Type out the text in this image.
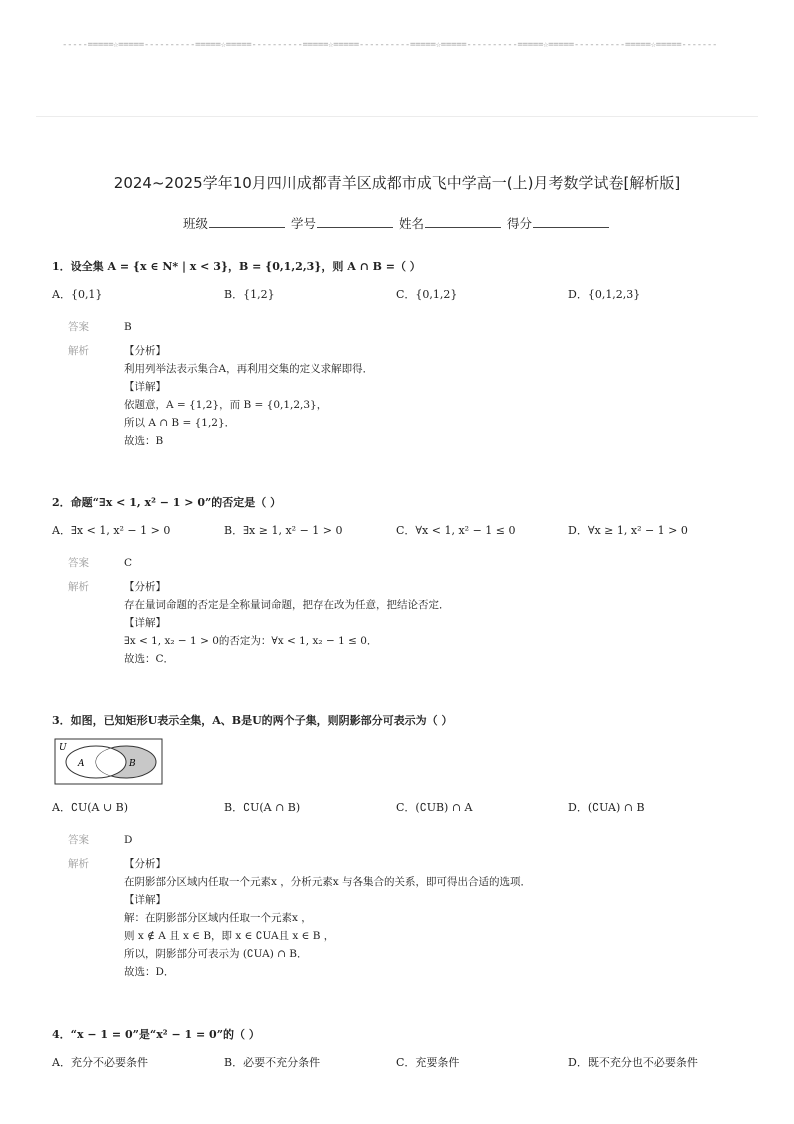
-----=====☆=====----------=====☆=====----------=====☆=====----------=====☆=====----------=====☆=====----------=====☆=====-------
2024~2025学年10月四川成都青羊区成都市成飞中学高一(上)月考数学试卷[解析版]
班级	学号	姓名	得分
1．设全集 A = {x ∈ N* | x < 3}，B = {0,1,2,3}，则 A ∩ B =（ ）
A．{0,1}	B．{1,2}	C．{0,1,2}	D．{0,1,2,3}
答案	B
解析	【分析】
利用列举法表示集合A，再利用交集的定义求解即得．
【详解】
依题意，A = {1,2}，而 B = {0,1,2,3}，
所以 A ∩ B = {1,2}．
故选：B
2．命题“∃x < 1, x² − 1 > 0”的否定是（ ）
A．∃x < 1, x² − 1 > 0	B．∃x ≥ 1, x² − 1 > 0	C．∀x < 1, x² − 1 ≤ 0	D．∀x ≥ 1, x² − 1 > 0
答案	C
解析	【分析】
存在量词命题的否定是全称量词命题，把存在改为任意，把结论否定．
【详解】
∃x < 1, x₂ − 1 > 0的否定为：∀x < 1, x₂ − 1 ≤ 0．
故选：C．
3．如图，已知矩形U表示全集，A、B是U的两个子集，则阴影部分可表示为（ ）
U
A	B
A．∁U(A ∪ B)	B．∁U(A ∩ B)	C．(∁UB) ∩ A	D．(∁UA) ∩ B
答案	D
解析	【分析】
在阴影部分区域内任取一个元素x ，分析元素x 与各集合的关系，即可得出合适的选项．
【详解】
解：在阴影部分区域内任取一个元素x ，
则 x ∉ A 且 x ∈ B，即 x ∈ ∁UA且 x ∈ B ，
所以，阴影部分可表示为 (∁UA) ∩ B．
故选：D．
4．“x − 1 = 0”是“x² − 1 = 0”的（ ）
A．充分不必要条件	B．必要不充分条件	C．充要条件	D．既不充分也不必要条件
